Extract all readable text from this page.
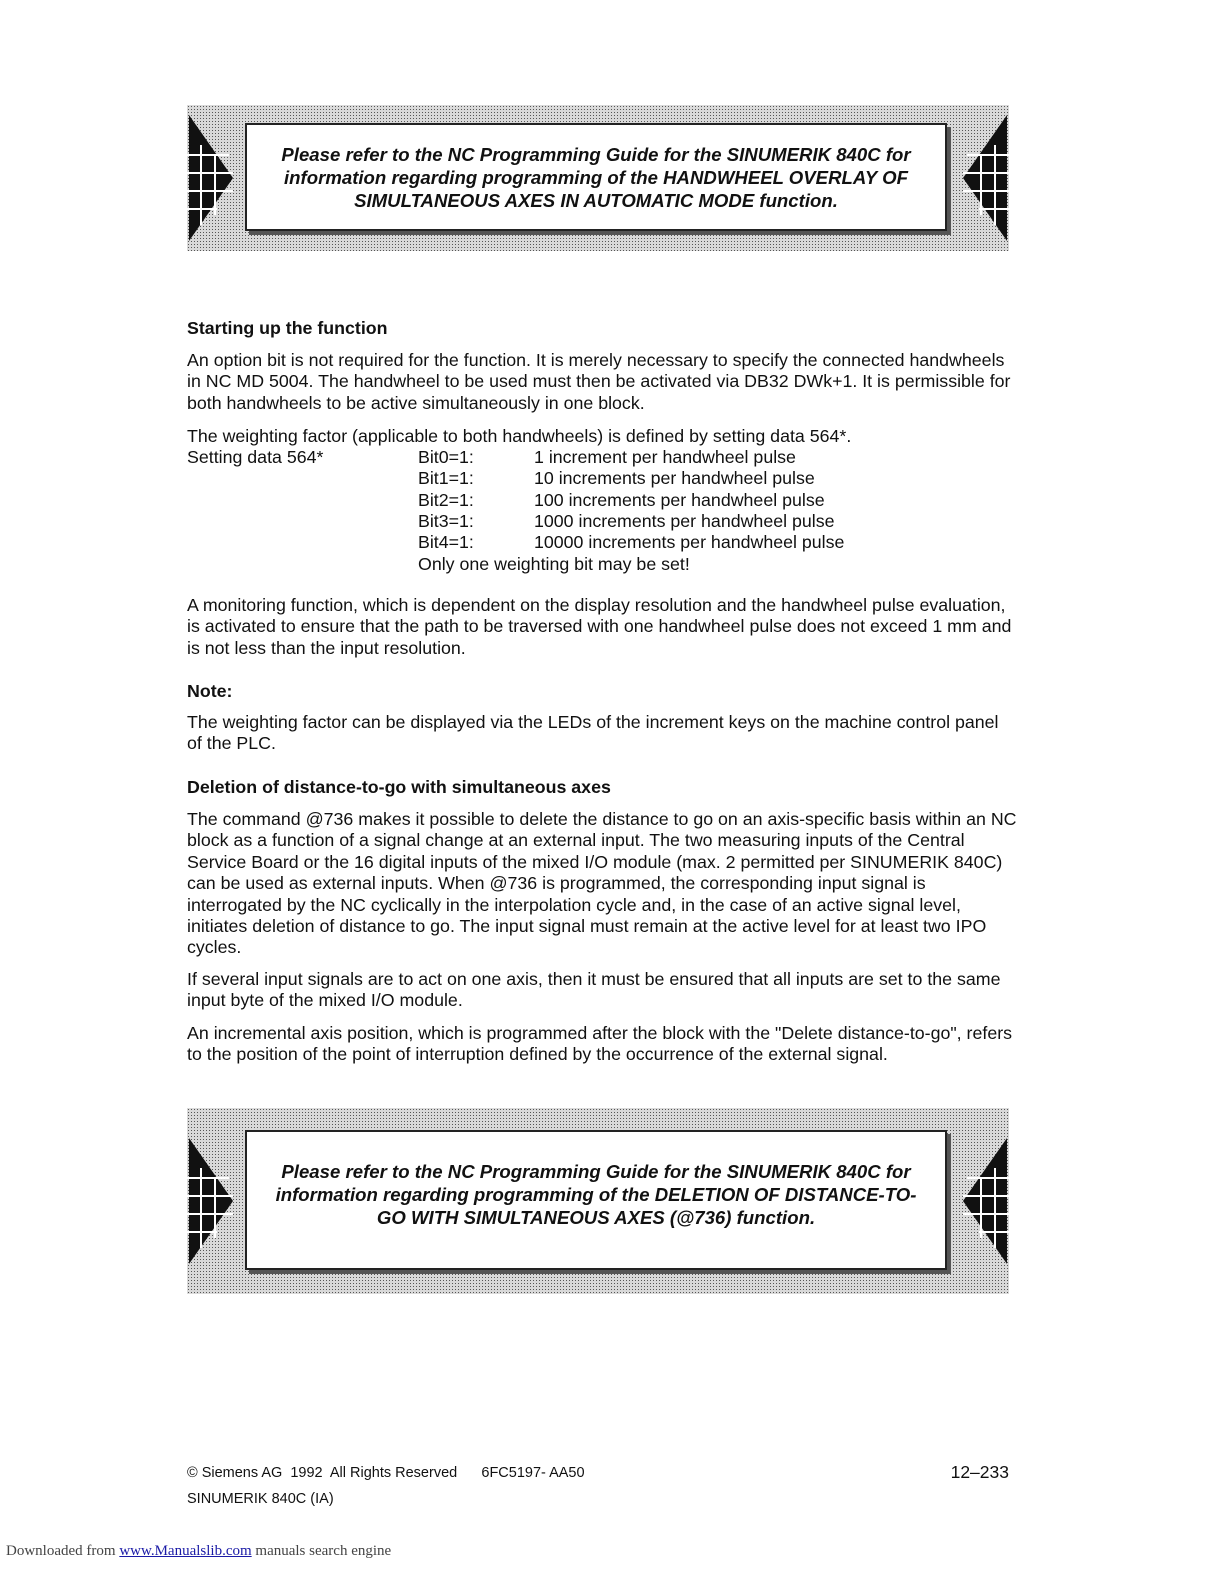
Please refer to the NC Programming Guide for the SINUMERIK 840C for
information regarding programming of the HANDWHEEL OVERLAY OF
SIMULTANEOUS AXES IN AUTOMATIC MODE function.
Starting up the function

An option bit is not required for the function. It is merely necessary to specify the connected handwheels in NC MD 5004. The handwheel to be used must then be activated via DB32 DWk+1. It is permissible for both handwheels to be active simultaneously in one block.

The weighting factor (applicable to both handwheels) is defined by setting data 564*.

Setting data 564*	Bit0=1:	1 increment per handwheel pulse
Bit1=1:	10 increments per handwheel pulse
Bit2=1:	100 increments per handwheel pulse
Bit3=1:	1000 increments per handwheel pulse
Bit4=1:	10000 increments per handwheel pulse
Only one weighting bit may be set!

A monitoring function, which is dependent on the display resolution and the handwheel pulse evaluation, is activated to ensure that the path to be traversed with one handwheel pulse does not exceed 1 mm and is not less than the input resolution.

Note:

The weighting factor can be displayed via the LEDs of the increment keys on the machine control panel of the PLC.

Deletion of distance-to-go with simultaneous axes

The command @736 makes it possible to delete the distance to go on an axis-specific basis within an NC block as a function of a signal change at an external input. The two measuring inputs of the Central Service Board or the 16 digital inputs of the mixed I/O module (max. 2 permitted per SINUMERIK 840C) can be used as external inputs. When @736 is programmed, the corresponding input signal is interrogated by the NC cyclically in the interpolation cycle and, in the case of an active signal level, initiates deletion of distance to go. The input signal must remain at the active level for at least two IPO cycles.

If several input signals are to act on one axis, then it must be ensured that all inputs are set to the same input byte of the mixed I/O module.

An incremental axis position, which is programmed after the block with the "Delete distance-to-go", refers to the position of the point of interruption defined by the occurrence of the external signal.

Please refer to the NC Programming Guide for the SINUMERIK 840C for
information regarding programming of the DELETION OF DISTANCE-TO-
GO WITH SIMULTANEOUS AXES (@736) function.
© Siemens AG  1992  All Rights Reserved      6FC5197- AA50
SINUMERIK 840C (IA)
12–233
Downloaded from www.Manualslib.com manuals search engine
